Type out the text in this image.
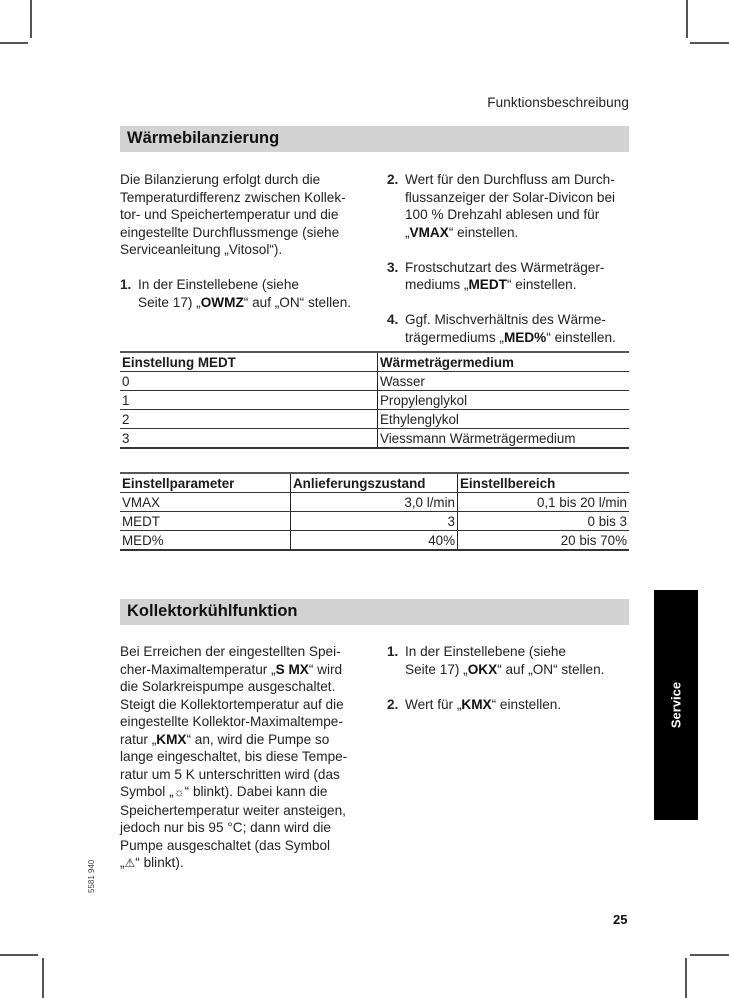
Funktionsbeschreibung
Wärmebilanzierung

Die Bilanzierung erfolgt durch die

Temperaturdifferenz zwischen Kollek-

tor- und Speichertemperatur und die

eingestellte Durchflussmenge (siehe

Serviceanleitung „Vitosol“).

1. In der Einstellebene (siehe

Seite 17) „OWMZ“ auf „ON“ stellen.

2. Wert für den Durchfluss am Durch-

flussanzeiger der Solar-Divicon bei

100 % Drehzahl ablesen und für

„VMAX“ einstellen.

3. Frostschutzart des Wärmeträger-

mediums „MEDT“ einstellen.

4. Ggf. Mischverhältnis des Wärme-

trägermediums „MED%“ einstellen.

Einstellung MEDT	Wärmeträgermedium
0	Wasser
1	Propylenglykol
2	Ethylenglykol
3	Viessmann Wärmeträgermedium
Einstellparameter	Anlieferungszustand	Einstellbereich
VMAX	3,0 l/min	0,1 bis 20 l/min
MEDT	3	0 bis 3
MED%	40%	20 bis 70%
Kollektorkühlfunktion

Bei Erreichen der eingestellten Spei-

cher-Maximaltemperatur „S MX“ wird

die Solarkreispumpe ausgeschaltet.

Steigt die Kollektortemperatur auf die

eingestellte Kollektor-Maximaltempe-

ratur „KMX“ an, wird die Pumpe so

lange eingeschaltet, bis diese Tempe-

ratur um 5 K unterschritten wird (das

Symbol „☼“ blinkt). Dabei kann die

Speichertemperatur weiter ansteigen,

jedoch nur bis 95 °C; dann wird die

Pumpe ausgeschaltet (das Symbol

„⚠“ blinkt).

1. In der Einstellebene (siehe

Seite 17) „OKX“ auf „ON“ stellen.

2. Wert für „KMX“ einstellen.	Service
5581 940
25
